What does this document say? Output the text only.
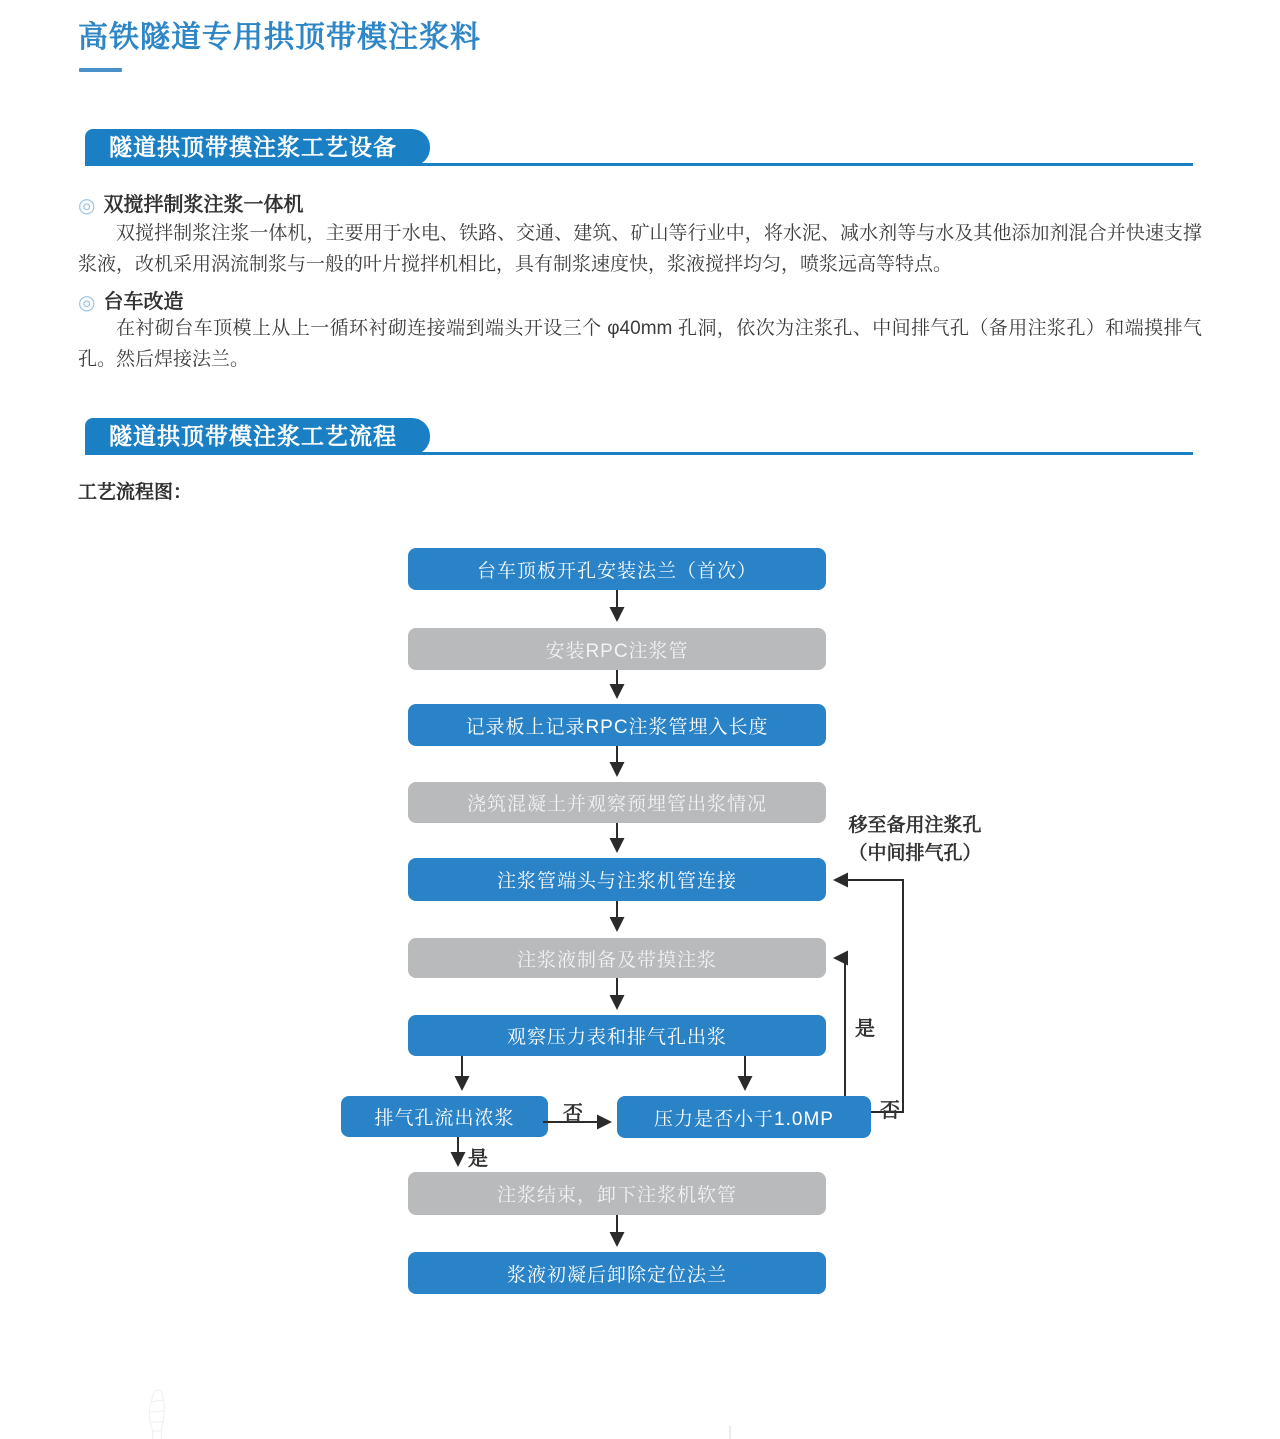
高铁隧道专用拱顶带模注浆料
隧道拱顶带摸注浆工艺设备
◎ 双搅拌制浆注浆一体机
双搅拌制浆注浆一体机，主要用于水电、铁路、交通、建筑、矿山等行业中，将水泥、减水剂等与水及其他添加剂混合并快速支撑浆液，改机采用涡流制浆与一般的叶片搅拌机相比，具有制浆速度快，浆液搅拌均匀，喷浆远高等特点。
◎ 台车改造
在衬砌台车顶模上从上一循环衬砌连接端到端头开设三个 φ40mm 孔洞，依次为注浆孔、中间排气孔（备用注浆孔）和端摸排气孔。然后焊接法兰。
隧道拱顶带模注浆工艺流程
工艺流程图：
台车顶板开孔安装法兰（首次）
安装RPC注浆管
记录板上记录RPC注浆管埋入长度
浇筑混凝土并观察预埋管出浆情况
注浆管端头与注浆机管连接
注浆液制备及带摸注浆
观察压力表和排气孔出浆
排气孔流出浓浆	压力是否小于1.0MP
注浆结束，卸下注浆机软管
浆液初凝后卸除定位法兰
否
是
是
否
移至备用注浆孔
（中间排气孔）
